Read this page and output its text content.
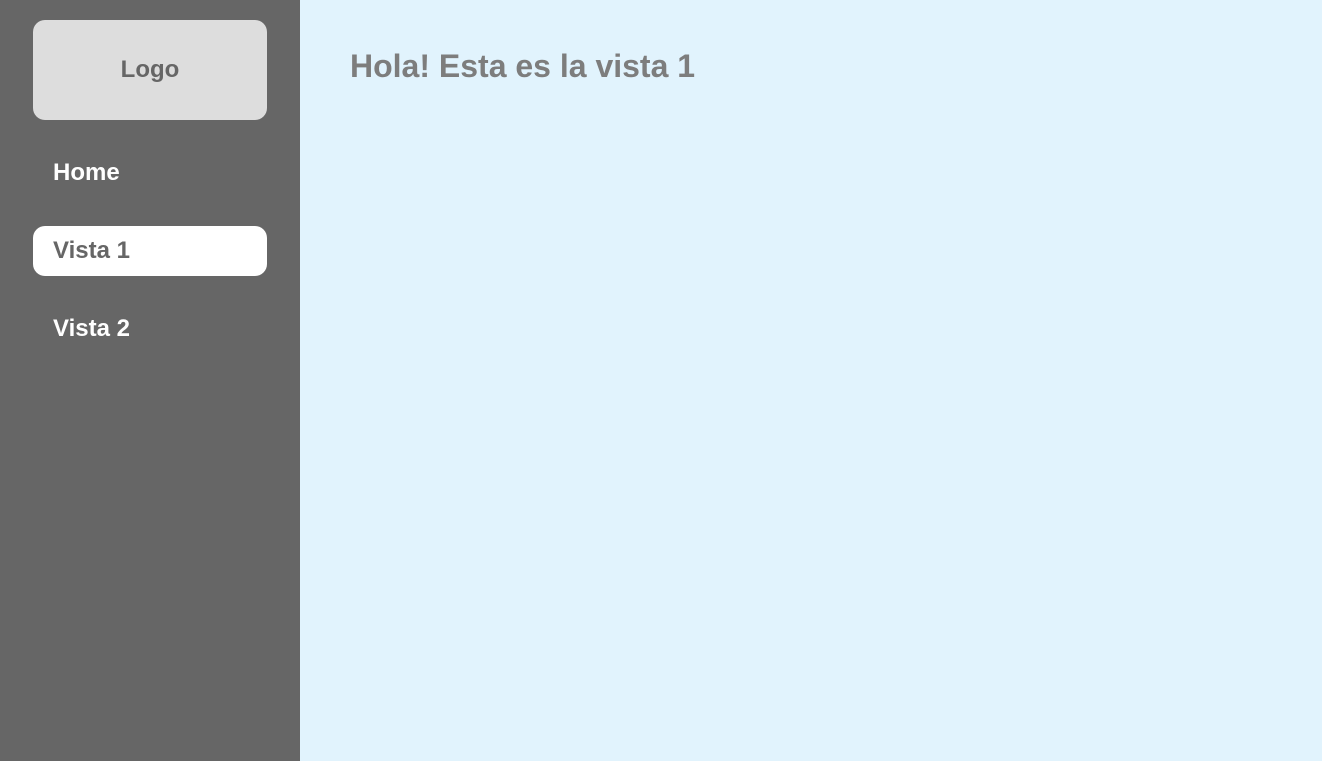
Logo
Home
Vista 1
Vista 2
Hola! Esta es la vista 1
